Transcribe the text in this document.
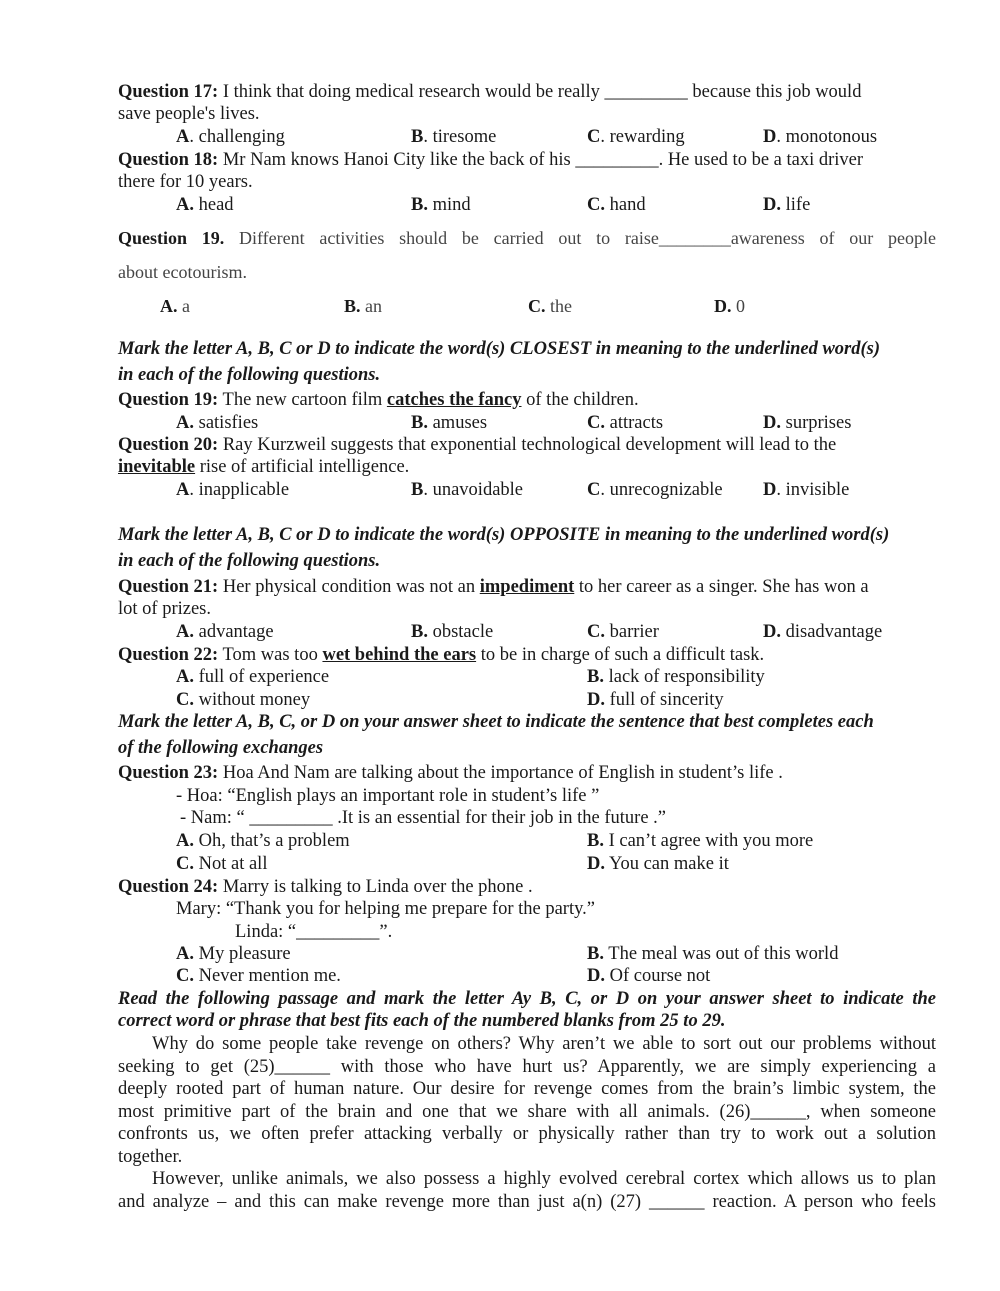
Question 17: I think that doing medical research would be really _________ because this job would
save people's lives.
A. challenging	B. tiresome	C. rewarding	D. monotonous
Question 18: Mr Nam knows Hanoi City like the back of his _________. He used to be a taxi driver
there for 10 years.
A. head	B. mind	C. hand	D. life
Question 19. Different activities should be carried out to raise________awareness of our people
about ecotourism.
A. a	B. an	C. the	D. 0
Mark the letter A, B, C or D to indicate the word(s) CLOSEST in meaning to the underlined word(s)
in each of the following questions.
Question 19: The new cartoon film catches the fancy of the children.
A. satisfies	B. amuses	C. attracts	D. surprises
Question 20: Ray Kurzweil suggests that exponential technological development will lead to the
inevitable rise of artificial intelligence.
A. inapplicable	B. unavoidable	C. unrecognizable D. invisible
Mark the letter A, B, C or D to indicate the word(s) OPPOSITE in meaning to the underlined word(s)
in each of the following questions.
Question 21: Her physical condition was not an impediment to her career as a singer. She has won a
lot of prizes.
A. advantage	B. obstacle	C. barrier	D. disadvantage
Question 22: Tom was too wet behind the ears to be in charge of such a difficult task.
A. full of experience	B. lack of responsibility
C. without money	D. full of sincerity
Mark the letter A, B, C, or D on your answer sheet to indicate the sentence that best completes each
of the following exchanges
Question 23: Hoa And Nam are talking about the importance of English in student’s life .
- Hoa: “English plays an important role in student’s life ”
- Nam: “ _________ .It is an essential for their job in the future .”
A. Oh, that’s a problem	B. I can’t agree with you more
C. Not at all	D. You can make it
Question 24: Marry is talking to Linda over the phone .
Mary: “Thank you for helping me prepare for the party.”
Linda: “_________”.
A. My pleasure	B. The meal was out of this world
C. Never mention me.	D. Of course not
Read the following passage and mark the letter Ay B, C, or D on your answer sheet to indicate the
correct word or phrase that best fits each of the numbered blanks from 25 to 29.
Why do some people take revenge on others? Why aren’t we able to sort out our problems without
seeking to get (25)______ with those who have hurt us? Apparently, we are simply experiencing a
deeply rooted part of human nature. Our desire for revenge comes from the brain’s limbic system, the
most primitive part of the brain and one that we share with all animals. (26)______, when someone
confronts us, we often prefer attacking verbally or physically rather than try to work out a solution
together.
However, unlike animals, we also possess a highly evolved cerebral cortex which allows us to plan
and analyze – and this can make revenge more than just a(n) (27) ______ reaction. A person who feels
